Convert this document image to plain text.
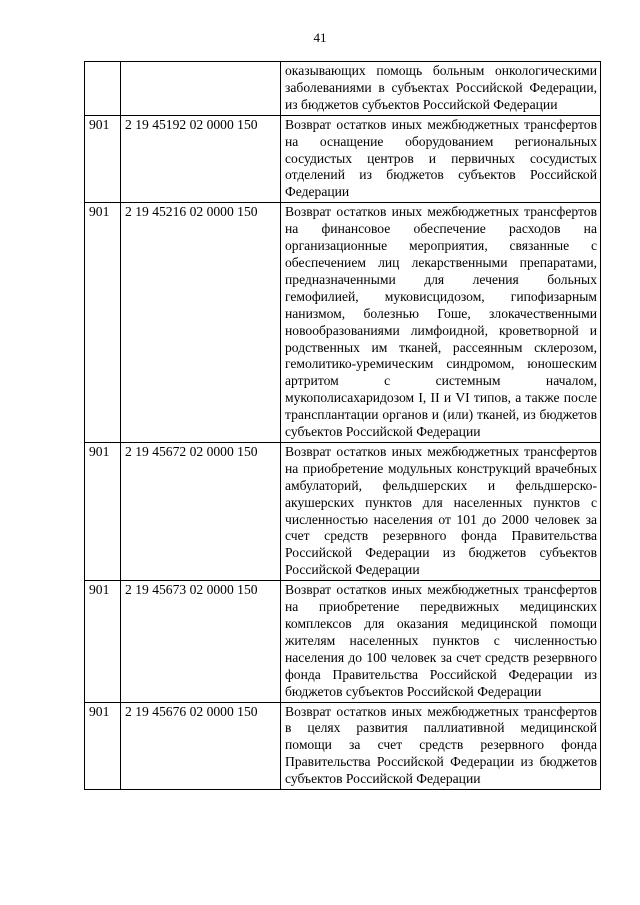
41
		оказывающих помощь больным онкологическими заболеваниями в субъектах Российской Федерации, из бюджетов субъектов Российской Федерации
901	2 19 45192 02 0000 150	Возврат остатков иных межбюджетных трансфертов на оснащение оборудованием региональных сосудистых центров и первичных сосудистых отделений из бюджетов субъектов Российской Федерации
901	2 19 45216 02 0000 150	Возврат остатков иных межбюджетных трансфертов на финансовое обеспечение расходов на организационные мероприятия, связанные с обеспечением лиц лекарственными препаратами, предназначенными для лечения больных гемофилией, муковисцидозом, гипофизарным нанизмом, болезнью Гоше, злокачественными новообразованиями лимфоидной, кроветворной и родственных им тканей, рассеянным склерозом, гемолитико-уремическим синдромом, юношеским артритом с системным началом, мукополисахаридозом I, II и VI типов, а также после трансплантации органов и (или) тканей, из бюджетов субъектов Российской Федерации
901	2 19 45672 02 0000 150	Возврат остатков иных межбюджетных трансфертов на приобретение модульных конструкций врачебных амбулаторий, фельдшерских и фельдшерско-акушерских пунктов для населенных пунктов с численностью населения от 101 до 2000 человек за счет средств резервного фонда Правительства Российской Федерации из бюджетов субъектов Российской Федерации
901	2 19 45673 02 0000 150	Возврат остатков иных межбюджетных трансфертов на приобретение передвижных медицинских комплексов для оказания медицинской помощи жителям населенных пунктов с численностью населения до 100 человек за счет средств резервного фонда Правительства Российской Федерации из бюджетов субъектов Российской Федерации
901	2 19 45676 02 0000 150	Возврат остатков иных межбюджетных трансфертов в целях развития паллиативной медицинской помощи за счет средств резервного фонда Правительства Российской Федерации из бюджетов субъектов Российской Федерации
